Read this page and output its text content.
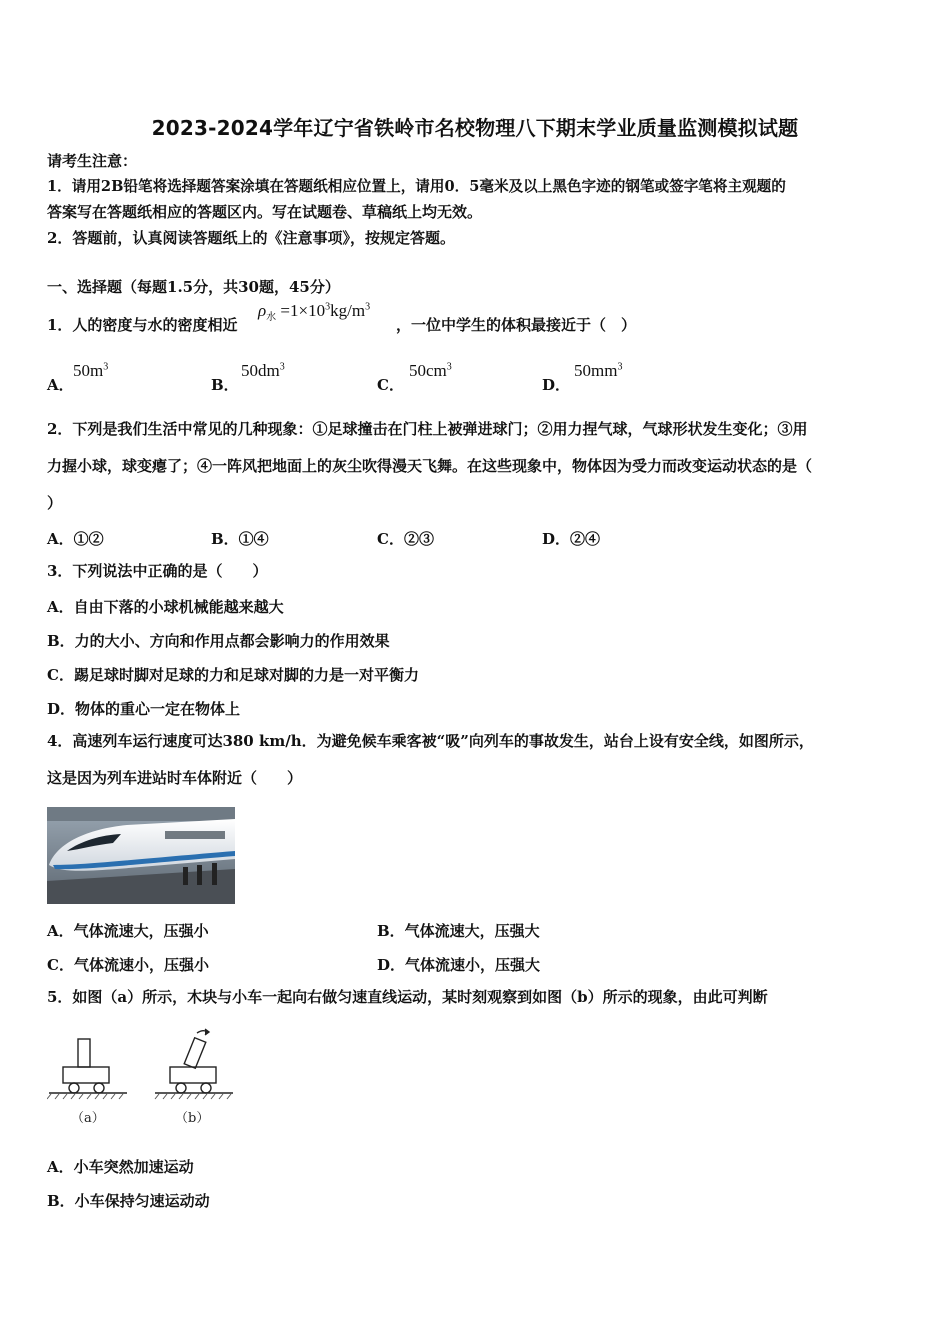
2023-2024学年辽宁省铁岭市名校物理八下期末学业质量监测模拟试题
请考生注意：
1．请用2B铅笔将选择题答案涂填在答题纸相应位置上，请用0．5毫米及以上黑色字迹的钢笔或签字笔将主观题的
答案写在答题纸相应的答题区内。写在试题卷、草稿纸上均无效。
2．答题前，认真阅读答题纸上的《注意事项》，按规定答题。
一、选择题（每题1.5分，共30题，45分）
1．人的密度与水的密度相近
$\rho_水 =1\times 10^3kg/m^3$
，一位中学生的体积最接近于（　）
A．
$50m^3$
B．
$50dm^3$
C．
$50cm^3$
D．
$50mm^3$
2．下列是我们生活中常见的几种现象：①足球撞击在门柱上被弹进球门；②用力捏气球，气球形状发生变化；③用
力握小球，球变瘪了；④一阵风把地面上的灰尘吹得漫天飞舞。在这些现象中，物体因为受力而改变运动状态的是（
）
A．①②	B．①④	C．②③	D．②④
3．下列说法中正确的是（　　）
A．自由下落的小球机械能越来越大
B．力的大小、方向和作用点都会影响力的作用效果
C．踢足球时脚对足球的力和足球对脚的力是一对平衡力
D．物体的重心一定在物体上
4．高速列车运行速度可达380 km/h．为避免候车乘客被“吸”向列车的事故发生，站台上设有安全线，如图所示，
这是因为列车进站时车体附近（　　）
A．气体流速大，压强小	B．气体流速大，压强大
C．气体流速小，压强小	D．气体流速小，压强大
5．如图（a）所示，木块与小车一起向右做匀速直线运动，某时刻观察到如图（b）所示的现象，由此可判断
（a）	（b）
A．小车突然加速运动
B．小车保持匀速运动动
